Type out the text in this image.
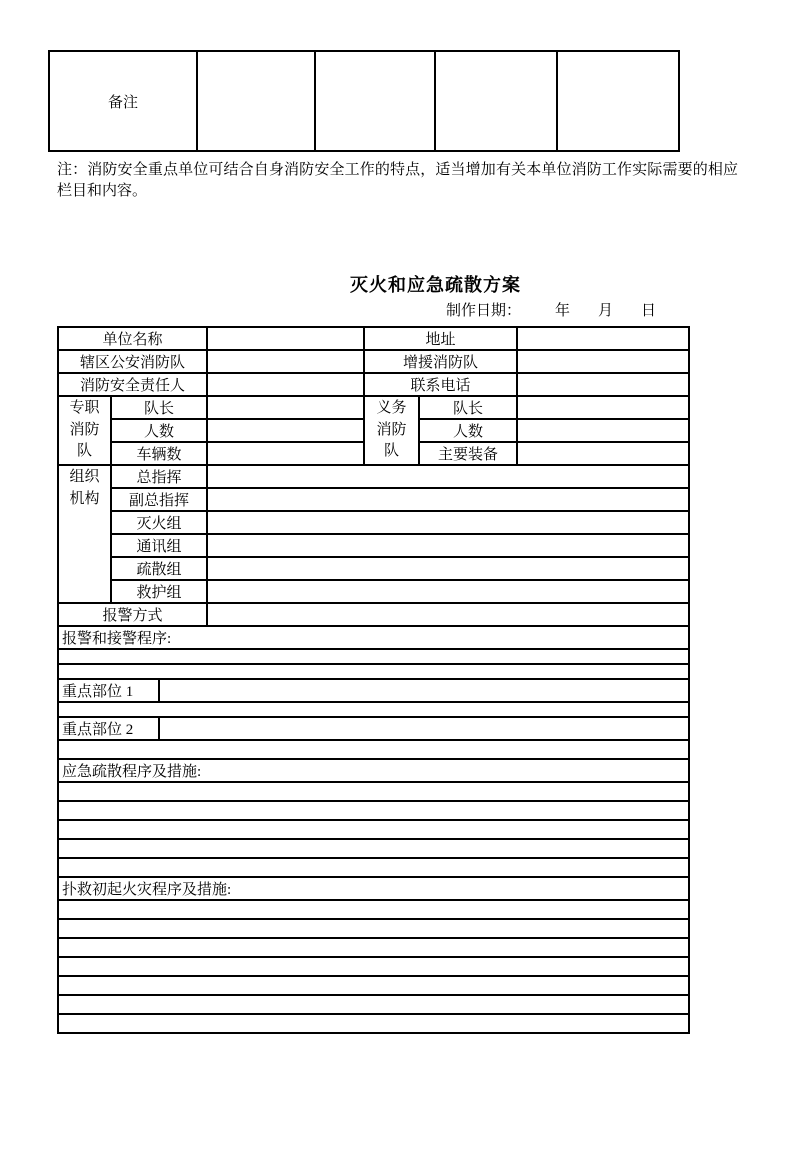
备注				
注：消防安全重点单位可结合自身消防安全工作的特点，适当增加有关本单位消防工作实际需要的相应栏目和内容。
灭火和应急疏散方案
制作日期： 年 月 日
单位名称				地址		
辖区公安消防队				增援消防队		
消防安全责任人				联系电话		
专职消防队	队长			义务消防队	队长	
	人数				人数	
	车辆数				主要装备	
组织机构	总指挥					
	副总指挥					
	灭火组					
	通讯组					
	疏散组					
	救护组					
报警方式						
报警和接警程序:						

重点部位 1						

重点部位 2						

应急疏散程序及措施:						

扑救初起火灾程序及措施:						
